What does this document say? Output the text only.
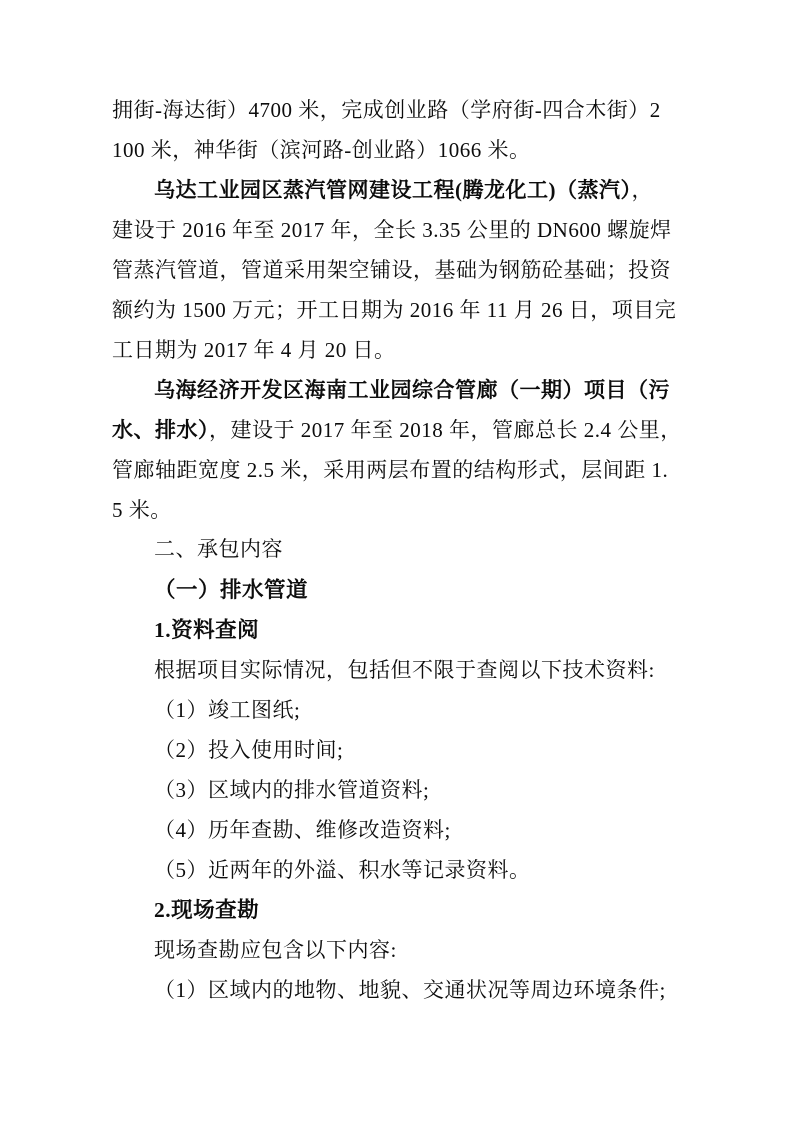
拥街-海达街）4700 米，完成创业路（学府街-四合木街）2
100 米，神华街（滨河路-创业路）1066 米。
乌达工业园区蒸汽管网建设工程(腾龙化工)（蒸汽），
建设于 2016 年至 2017 年，全长 3.35 公里的 DN600 螺旋焊
管蒸汽管道，管道采用架空铺设，基础为钢筋砼基础；投资
额约为 1500 万元；开工日期为 2016 年 11 月 26 日，项目完
工日期为 2017 年 4 月 20 日。
乌海经济开发区海南工业园综合管廊（一期）项目（污
水、排水），建设于 2017 年至 2018 年，管廊总长 2.4 公里，
管廊轴距宽度 2.5 米，采用两层布置的结构形式，层间距 1.
5 米。
二、承包内容
（一）排水管道
1.资料查阅
根据项目实际情况，包括但不限于查阅以下技术资料:
（1）竣工图纸;
（2）投入使用时间;
（3）区域内的排水管道资料;
（4）历年查勘、维修改造资料;
（5）近两年的外溢、积水等记录资料。
2.现场查勘
现场查勘应包含以下内容:
（1）区域内的地物、地貌、交通状况等周边环境条件;
